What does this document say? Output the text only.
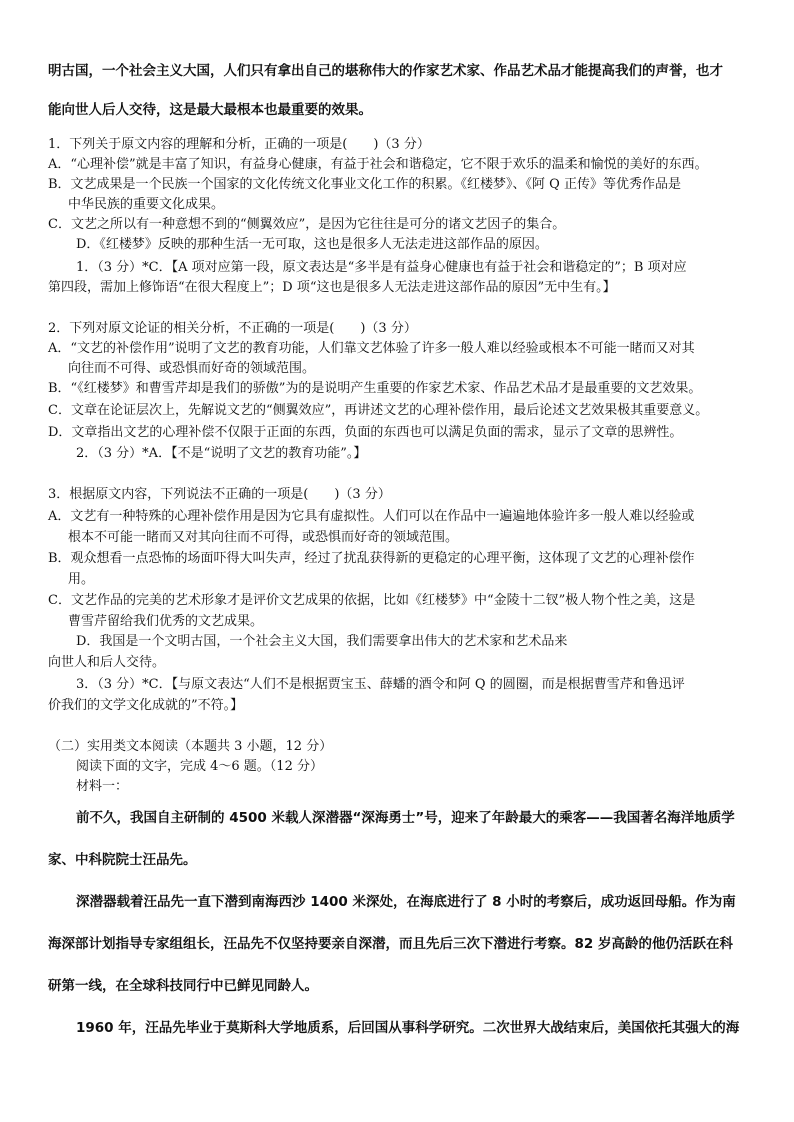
明古国，一个社会主义大国，人们只有拿出自己的堪称伟大的作家艺术家、作品艺术品才能提高我们的声誉，也才
能向世人后人交待，这是最大最根本也最重要的效果。
1．下列关于原文内容的理解和分析，正确的一项是(　　)（3 分）
A．“心理补偿”就是丰富了知识，有益身心健康，有益于社会和谐稳定，它不限于欢乐的温柔和愉悦的美好的东西。
B．文艺成果是一个民族一个国家的文化传统文化事业文化工作的积累。《红楼梦》、《阿 Q 正传》等优秀作品是
中华民族的重要文化成果。
C．文艺之所以有一种意想不到的“侧翼效应”，是因为它往往是可分的诸文艺因子的集合。
D．《红楼梦》反映的那种生活一无可取，这也是很多人无法走进这部作品的原因。
1．（3 分）*C．【A 项对应第一段，原文表达是“多半是有益身心健康也有益于社会和谐稳定的”；B 项对应
第四段，需加上修饰语“在很大程度上”；D 项“这也是很多人无法走进这部作品的原因”无中生有。】
2．下列对原文论证的相关分析，不正确的一项是(　　)（3 分）
A．“文艺的补偿作用”说明了文艺的教育功能，人们靠文艺体验了许多一般人难以经验或根本不可能一睹而又对其
向往而不可得、或恐惧而好奇的领域范围。
B．“《红楼梦》和曹雪芹却是我们的骄傲”为的是说明产生重要的作家艺术家、作品艺术品才是最重要的文艺效果。
C．文章在论证层次上，先解说文艺的“侧翼效应”，再讲述文艺的心理补偿作用，最后论述文艺效果极其重要意义。
D．文章指出文艺的心理补偿不仅限于正面的东西，负面的东西也可以满足负面的需求，显示了文章的思辨性。
2．（3 分）*A．【不是“说明了文艺的教育功能”。】
3．根据原文内容，下列说法不正确的一项是(　　)（3 分）
A．文艺有一种特殊的心理补偿作用是因为它具有虚拟性。人们可以在作品中一遍遍地体验许多一般人难以经验或
根本不可能一睹而又对其向往而不可得，或恐惧而好奇的领域范围。
B．观众想看一点恐怖的场面吓得大叫失声，经过了扰乱获得新的更稳定的心理平衡，这体现了文艺的心理补偿作
用。
C．文艺作品的完美的艺术形象才是评价文艺成果的依据，比如《红楼梦》中“金陵十二钗”极人物个性之美，这是
曹雪芹留给我们优秀的文艺成果。
D．我国是一个文明古国，一个社会主义大国，我们需要拿出伟大的艺术家和艺术品来
向世人和后人交待。
3．（3 分）*C．【与原文表达“人们不是根据贾宝玉、薛蟠的酒令和阿 Q 的圆圈，而是根据曹雪芹和鲁迅评
价我们的文学文化成就的”不符。】
（二）实用类文本阅读（本题共 3 小题，12 分）
阅读下面的文字，完成 4～6 题。（12 分）
材料一：
前不久，我国自主研制的 4500 米载人深潜器“深海勇士”号，迎来了年龄最大的乘客——我国著名海洋地质学
家、中科院院士汪品先。
深潜器载着汪品先一直下潜到南海西沙 1400 米深处，在海底进行了 8 小时的考察后，成功返回母船。作为南
海深部计划指导专家组组长，汪品先不仅坚持要亲自深潜，而且先后三次下潜进行考察。82 岁高龄的他仍活跃在科
研第一线，在全球科技同行中已鲜见同龄人。
1960 年，汪品先毕业于莫斯科大学地质系，后回国从事科学研究。二次世界大战结束后，美国依托其强大的海
